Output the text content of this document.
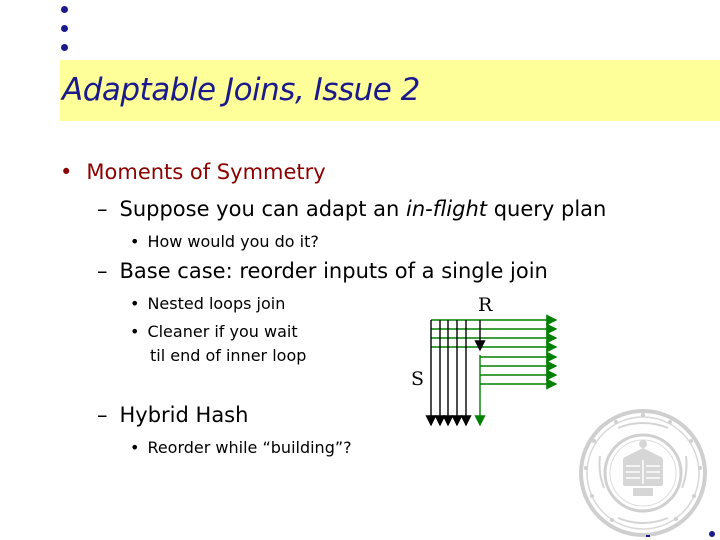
Adaptable Joins, Issue 2
• Moments of Symmetry
– Suppose you can adapt an in-flight query plan
• How would you do it?
– Base case: reorder inputs of a single join
• Nested loops join
• Cleaner if you wait
til end of inner loop
– Hybrid Hash
• Reorder while “building”?
R
S
